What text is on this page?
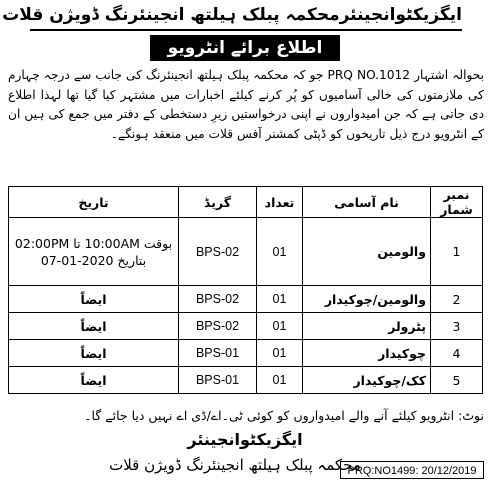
ایگزیکٹوانجینئرمحکمہ پبلک ہیلتھ انجینئرنگ ڈویژن قلات
اطلاع برائے انٹرویو
بحوالہ اشتہار PRQ NO.1012 جو کہ محکمہ پبلک ہیلتھ انجینئرنگ کی جانب سے درجہ چہارم کی ملازمتوں کی خالی آسامیوں کو پُر کرنے کیلئے اخبارات میں مشتہر کیا گیا تھا لہذا اطلاع دی جاتی ہے کہ جن امیدواروں نے اپنی درخواستیں زیرِ دستخطی کے دفتر میں جمع کی ہیں ان کے انٹرویو درج ذیل تاریخوں کو ڈپٹی کمشنر آفس قلات میں منعقد ہونگے۔
نمبر شمار	نام آسامی	تعداد	گریڈ	تاریخ
1	والومین	01	BPS-02	بوقت 10:00AM تا 02:00PM
بتاریخ 07-01-2020

2	والومین/چوکیدار	01	BPS-02	ایضاً
3	پٹرولر	01	BPS-02	ایضاً
4	چوکیدار	01	BPS-01	ایضاً
5	کک/چوکیدار	01	BPS-01	ایضاً
نوٹ: انٹرویو کیلئے آنے والے امیدواروں کو کوئی ٹی۔اے/ڈی اے نہیں دیا جائے گا۔
ایگزیکٹوانجینئر
محکمہ پبلک ہیلتھ انجینئرنگ ڈویژن قلات
PRQ:NO1499: 20/12/2019
